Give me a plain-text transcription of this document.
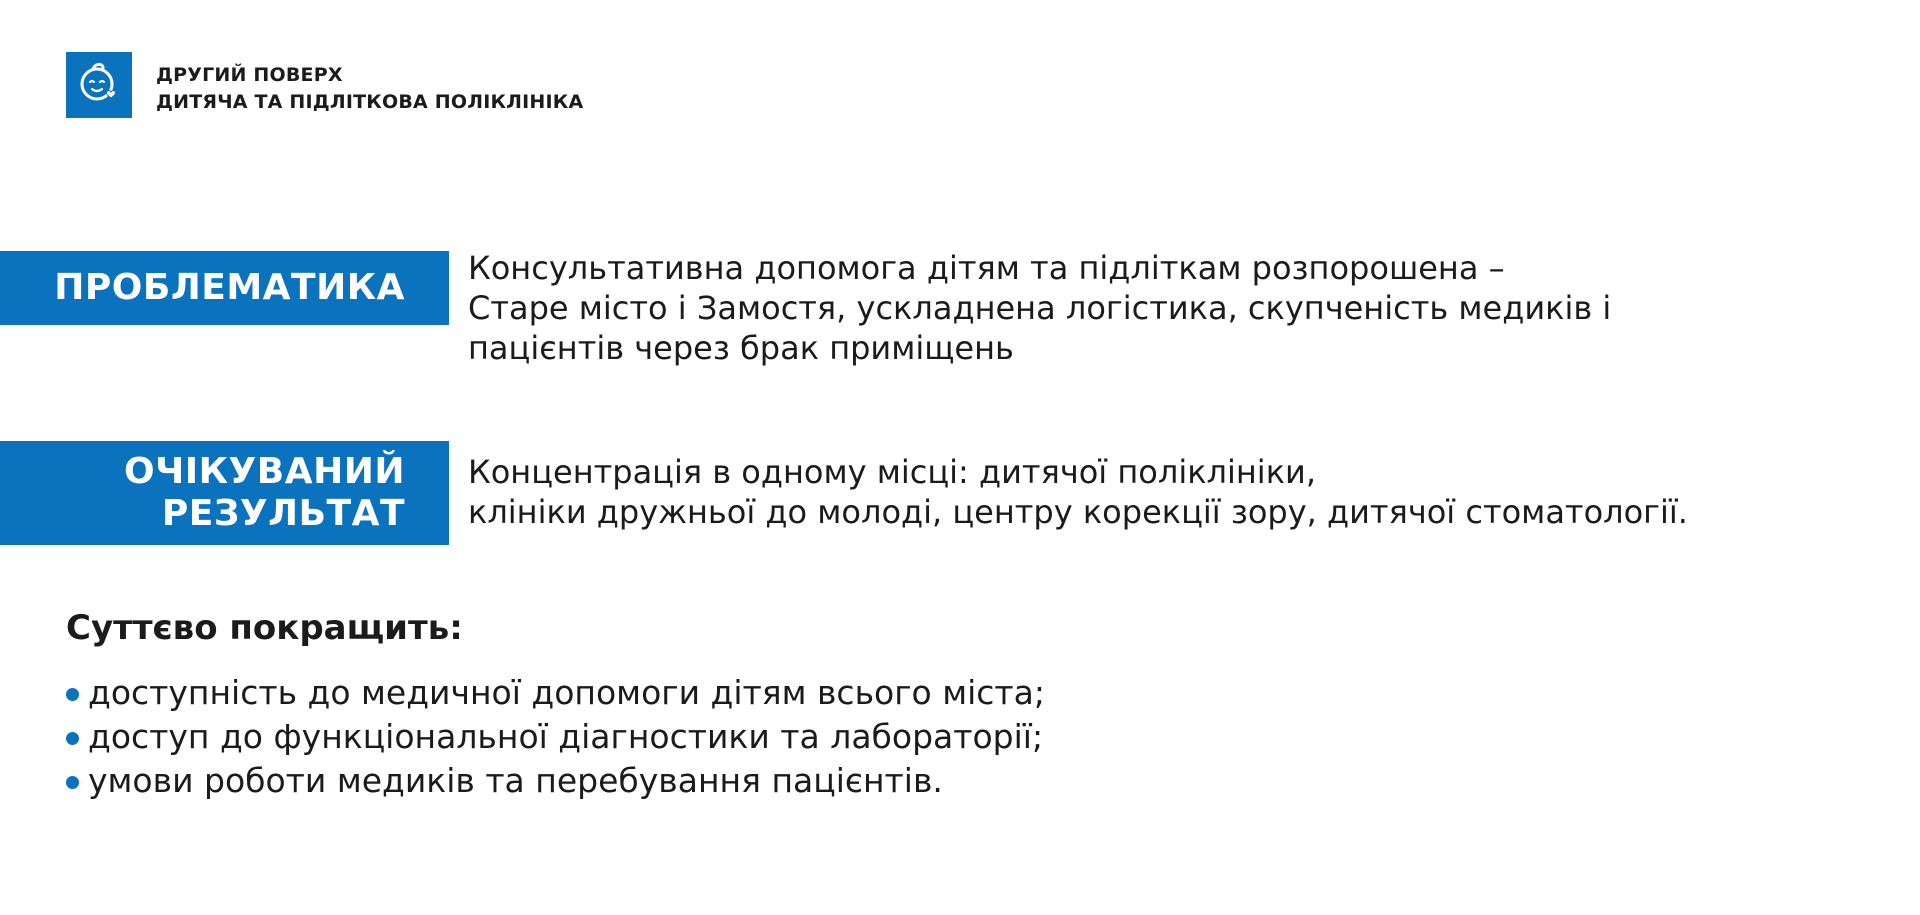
ДРУГИЙ ПОВЕРХ
ДИТЯЧА ТА ПІДЛІТКОВА ПОЛІКЛІНІКА
ПРОБЛЕМАТИКА Консультативна допомога дітям та підліткам розпорошена –
Старе місто і Замостя, ускладнена логістика, скупченість медиків і
пацієнтів через брак приміщень
ОЧІКУВАНИЙ
РЕЗУЛЬТАТ
Концентрація в одному місці: дитячої поліклініки,
клініки дружньої до молоді, центру корекції зору, дитячої стоматології.
Суттєво покращить:
доступність до медичної допомоги дітям всього міста;
доступ до функціональної діагностики та лабораторії;
умови роботи медиків та перебування пацієнтів.
